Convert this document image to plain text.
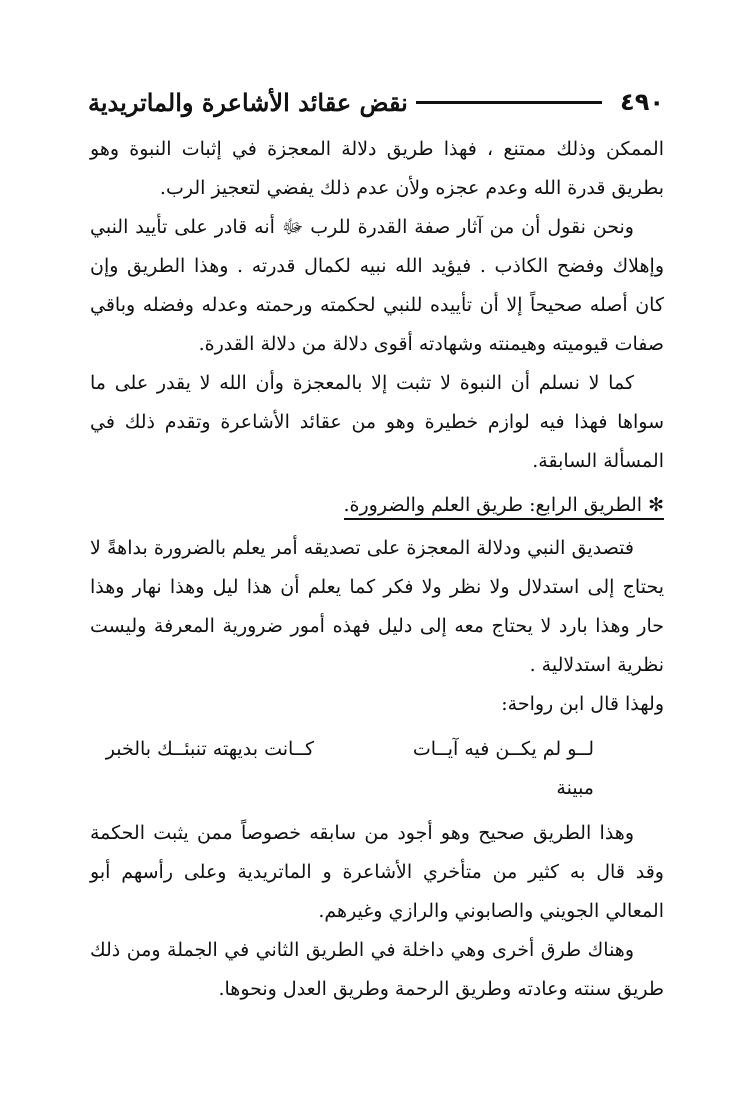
٤٩٠
نقض عقائد الأشاعرة والماتريدية

الممكن وذلك ممتنع ، فهذا طريق دلالة المعجزة في إثبات النبوة وهو بطريق قدرة الله وعدم عجزه ولأن عدم ذلك يفضي لتعجيز الرب.

ونحن نقول أن من آثار صفة القدرة للرب ﷻ أنه قادر على تأييد النبي وإهلاك وفضح الكاذب . فيؤيد الله نبيه لكمال قدرته . وهذا الطريق وإن كان أصله صحيحاً إلا أن تأييده للنبي لحكمته ورحمته وعدله وفضله وباقي صفات قيوميته وهيمنته وشهادته أقوى دلالة من دلالة القدرة.

كما لا نسلم أن النبوة لا تثبت إلا بالمعجزة وأن الله لا يقدر على ما سواها فهذا فيه لوازم خطيرة وهو من عقائد الأشاعرة وتقدم ذلك في المسألة السابقة.

✻ الطريق الرابع: طريق العلم والضرورة.

فتصديق النبي ودلالة المعجزة على تصديقه أمر يعلم بالضرورة بداهةً لا يحتاج إلى استدلال ولا نظر ولا فكر كما يعلم أن هذا ليل وهذا نهار وهذا حار وهذا بارد لا يحتاج معه إلى دليل فهذه أمور ضرورية المعرفة وليست نظرية استدلالية .

ولهذا قال ابن رواحة:

لــو لم يكــن فيه آيــات مبينة
كــانت بديهته تنبئــك بالخبر

وهذا الطريق صحيح وهو أجود من سابقه خصوصاً ممن يثبت الحكمة وقد قال به كثير من متأخري الأشاعرة و الماتريدية وعلى رأسهم أبو المعالي الجويني والصابوني والرازي وغيرهم.

وهناك طرق أخرى وهي داخلة في الطريق الثاني في الجملة ومن ذلك طريق سنته وعادته وطريق الرحمة وطريق العدل ونحوها.
